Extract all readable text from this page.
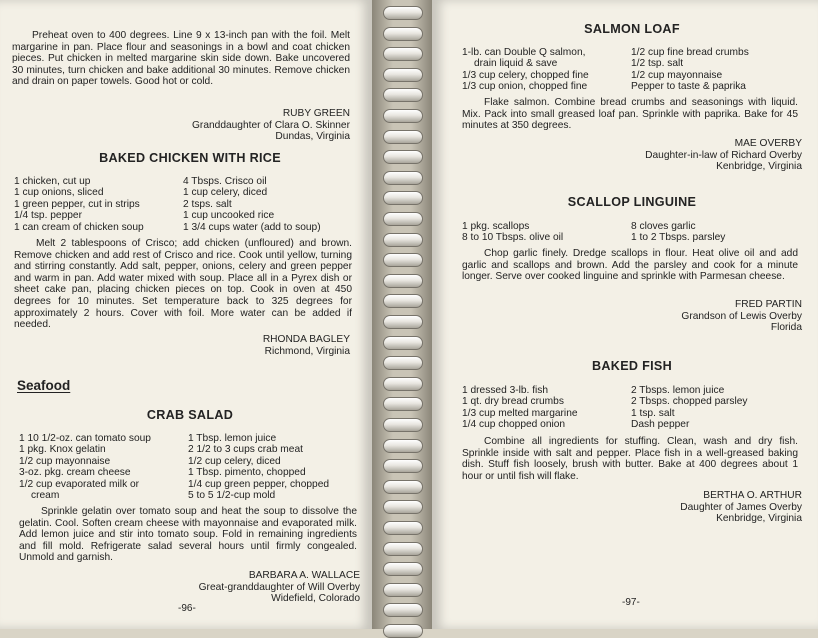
Preheat oven to 400 degrees. Line 9 x 13-inch pan with the foil. Melt margarine in pan. Place flour and seasonings in a bowl and coat chicken pieces. Put chicken in melted margarine skin side down. Bake uncovered 30 minutes, turn chicken and bake additional 30 minutes. Remove chicken and drain on paper towels. Good hot or cold.
RUBY GREEN
Granddaughter of Clara O. Skinner
Dundas, Virginia
BAKED CHICKEN WITH RICE
1 chicken, cut up
1 cup onions, sliced
1 green pepper, cut in strips
1/4 tsp. pepper
1 can cream of chicken soup
4 Tbsps. Crisco oil
1 cup celery, diced
2 tsps. salt
1 cup uncooked rice
1 3/4 cups water (add to soup)
Melt 2 tablespoons of Crisco; add chicken (unfloured) and brown. Remove chicken and add rest of Crisco and rice. Cook until yellow, turning and stirring constantly. Add salt, pepper, onions, celery and green pepper and warm in pan. Add water mixed with soup. Place all in a Pyrex dish or sheet cake pan, placing chicken pieces on top. Cook in oven at 450 degrees for 10 minutes. Set temperature back to 325 degrees for approximately 2 hours. Cover with foil. More water can be added if needed.
RHONDA BAGLEY
Richmond, Virginia
Seafood
CRAB SALAD
1 10 1/2-oz. can tomato soup
1 pkg. Knox gelatin
1/2 cup mayonnaise
3-oz. pkg. cream cheese
1/2 cup evaporated milk or
cream
1 Tbsp. lemon juice
2 1/2 to 3 cups crab meat
1/2 cup celery, diced
1 Tbsp. pimento, chopped
1/4 cup green pepper, chopped
5 to 5 1/2-cup mold
Sprinkle gelatin over tomato soup and heat the soup to dissolve the gelatin. Cool. Soften cream cheese with mayonnaise and evaporated milk. Add lemon juice and stir into tomato soup. Fold in remaining ingredients and fill mold. Refrigerate salad several hours until firmly congealed. Unmold and garnish.
BARBARA A. WALLACE
Great-granddaughter of Will Overby
Widefield, Colorado
-96-
SALMON LOAF
1-lb. can Double Q salmon,
drain liquid & save
1/3 cup celery, chopped fine
1/3 cup onion, chopped fine
1/2 cup fine bread crumbs
1/2 tsp. salt
1/2 cup mayonnaise
Pepper to taste & paprika
Flake salmon. Combine bread crumbs and seasonings with liquid. Mix. Pack into small greased loaf pan. Sprinkle with paprika. Bake for 45 minutes at 350 degrees.
MAE OVERBY
Daughter-in-law of Richard Overby
Kenbridge, Virginia
SCALLOP LINGUINE
1 pkg. scallops
8 to 10 Tbsps. olive oil
8 cloves garlic
1 to 2 Tbsps. parsley
Chop garlic finely. Dredge scallops in flour. Heat olive oil and add garlic and scallops and brown. Add the parsley and cook for a minute longer. Serve over cooked linguine and sprinkle with Parmesan cheese.
FRED PARTIN
Grandson of Lewis Overby
Florida
BAKED FISH
1 dressed 3-lb. fish
1 qt. dry bread crumbs
1/3 cup melted margarine
1/4 cup chopped onion
2 Tbsps. lemon juice
2 Tbsps. chopped parsley
1 tsp. salt
Dash pepper
Combine all ingredients for stuffing. Clean, wash and dry fish. Sprinkle inside with salt and pepper. Place fish in a well-greased baking dish. Stuff fish loosely, brush with butter. Bake at 400 degrees about 1 hour or until fish will flake.
BERTHA O. ARTHUR
Daughter of James Overby
Kenbridge, Virginia
-97-
